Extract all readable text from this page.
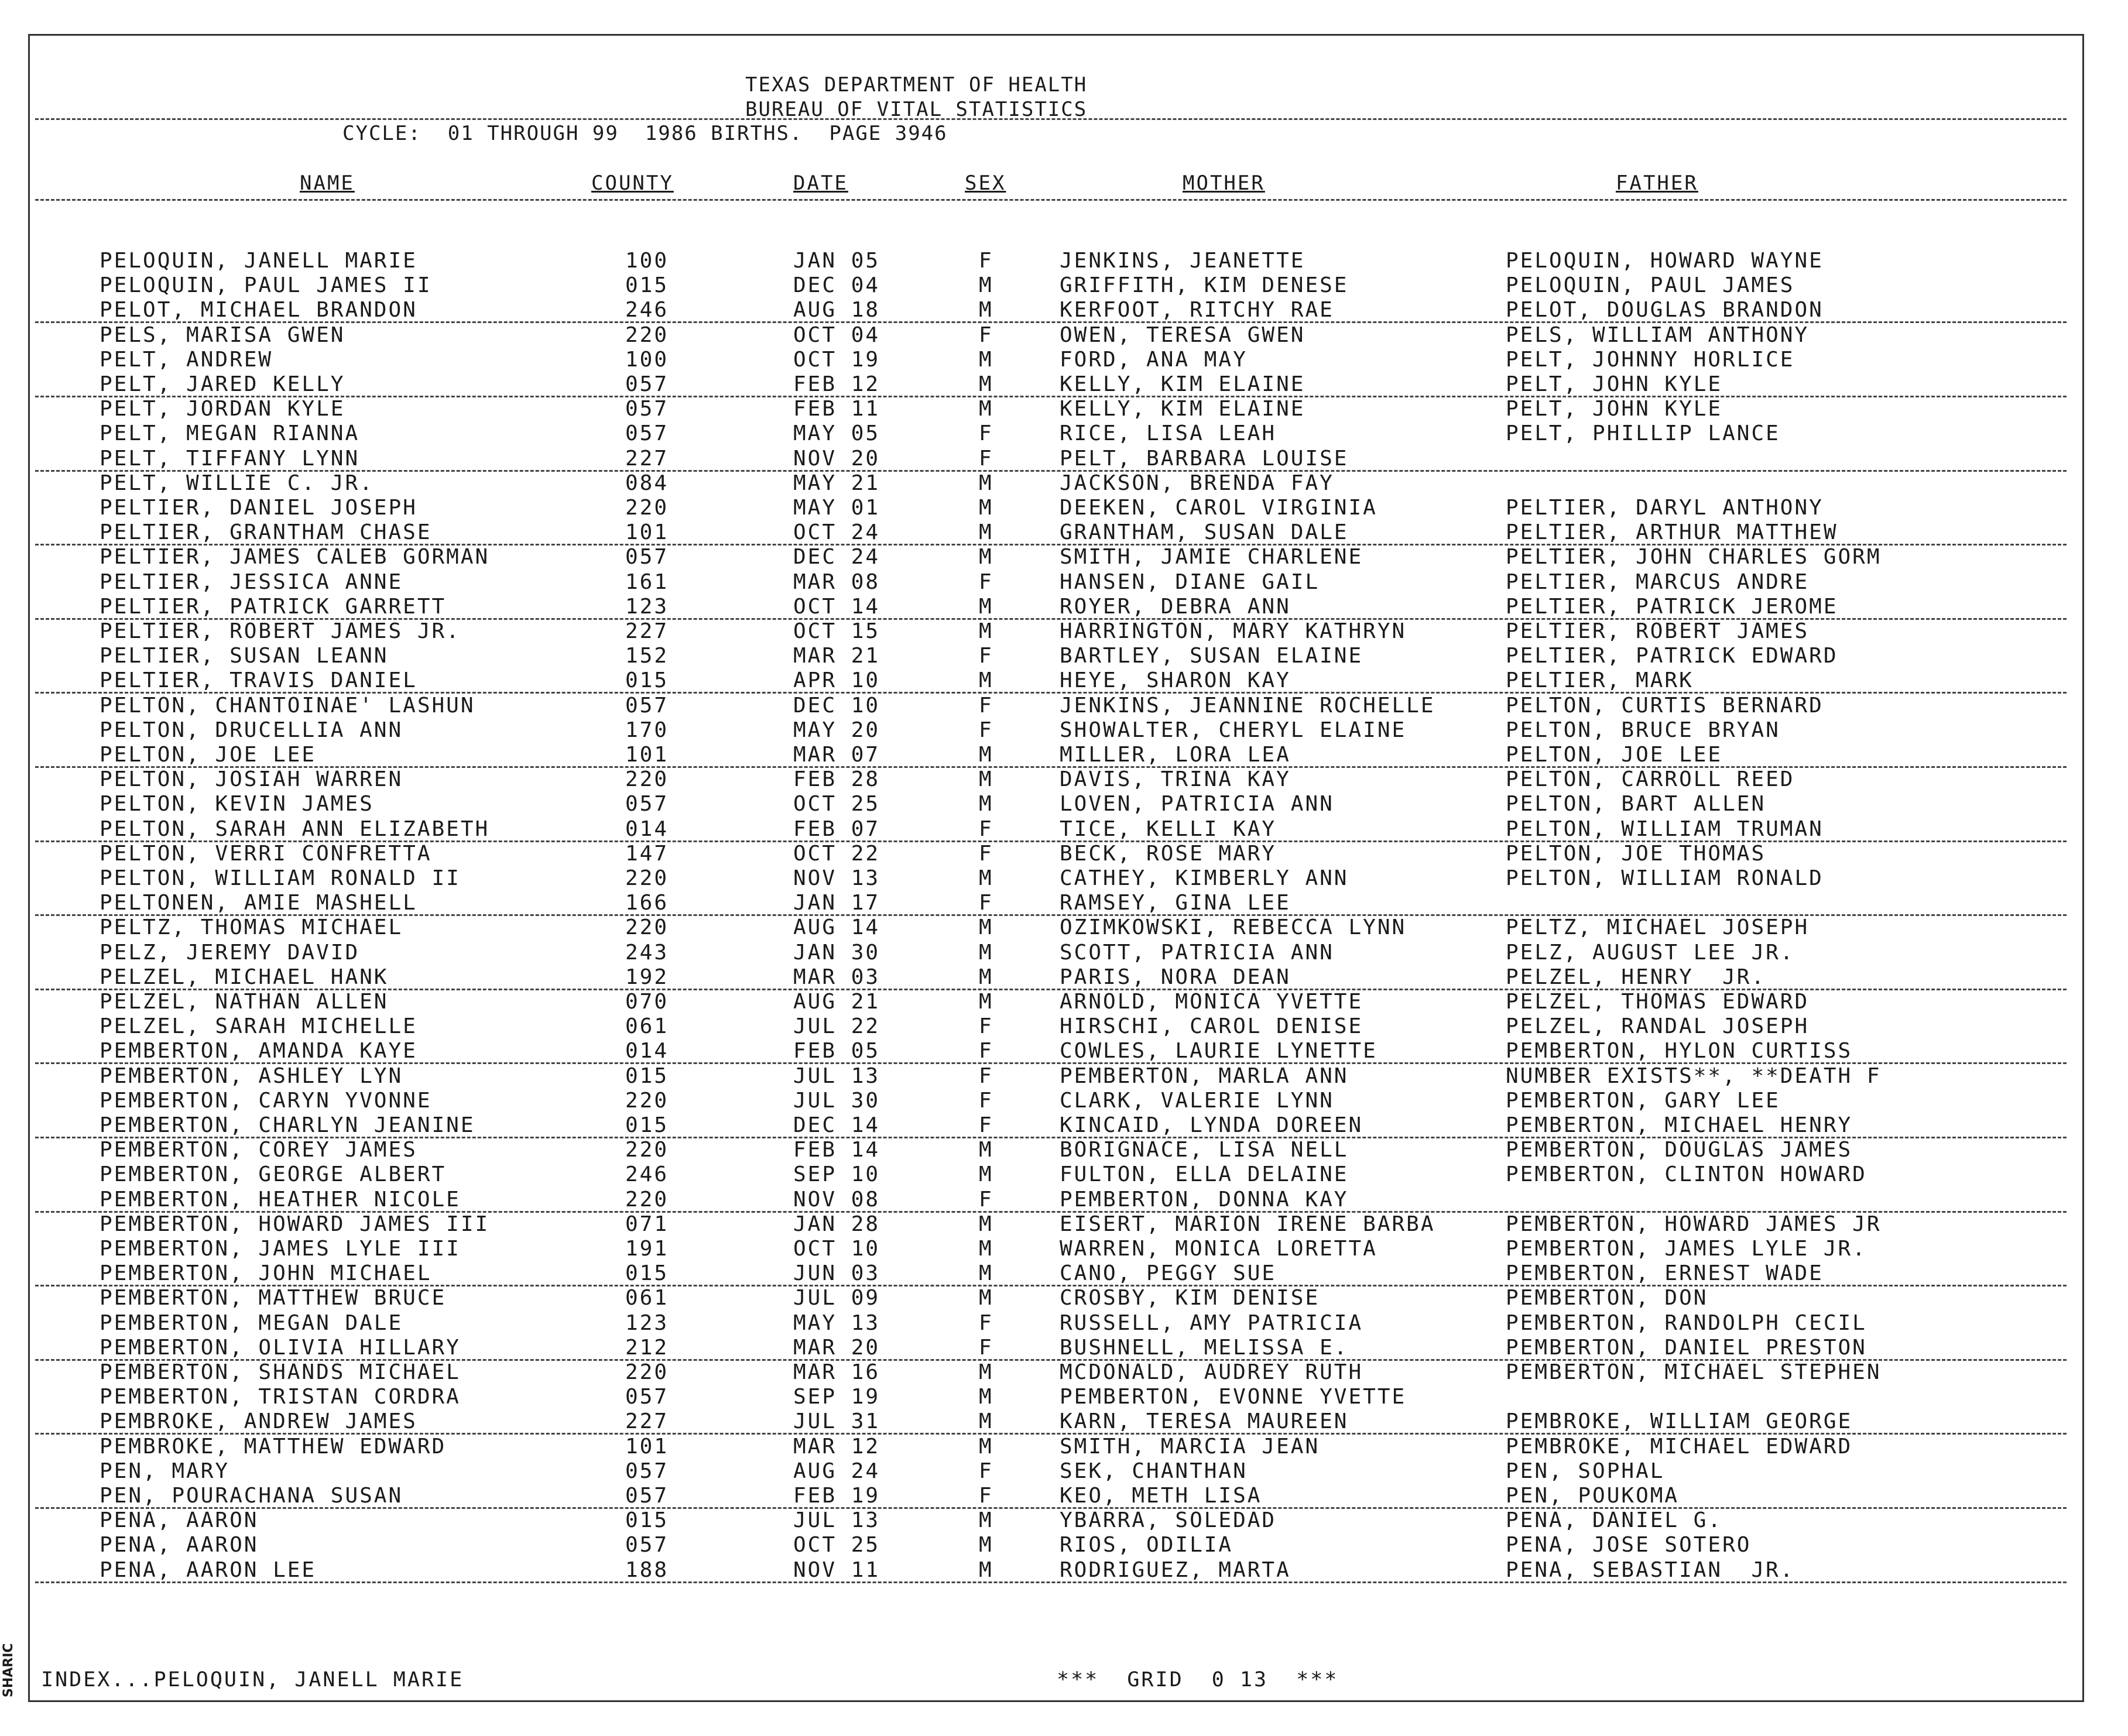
TEXAS DEPARTMENT OF HEALTH
BUREAU OF VITAL STATISTICS
CYCLE:  01 THROUGH 99  1986 BIRTHS.  PAGE 3946
NAME	COUNTY	DATE	SEX	MOTHER	FATHER
PELOQUIN, JANELL MARIE	100	JAN 05	F	JENKINS, JEANETTE	PELOQUIN, HOWARD WAYNE
PELOQUIN, PAUL JAMES II	015	DEC 04	M	GRIFFITH, KIM DENESE	PELOQUIN, PAUL JAMES
PELOT, MICHAEL BRANDON	246	AUG 18	M	KERFOOT, RITCHY RAE	PELOT, DOUGLAS BRANDON
PELS, MARISA GWEN	220	OCT 04	F	OWEN, TERESA GWEN	PELS, WILLIAM ANTHONY
PELT, ANDREW	100	OCT 19	M	FORD, ANA MAY	PELT, JOHNNY HORLICE
PELT, JARED KELLY	057	FEB 12	M	KELLY, KIM ELAINE	PELT, JOHN KYLE
PELT, JORDAN KYLE	057	FEB 11	M	KELLY, KIM ELAINE	PELT, JOHN KYLE
PELT, MEGAN RIANNA	057	MAY 05	F	RICE, LISA LEAH	PELT, PHILLIP LANCE
PELT, TIFFANY LYNN	227	NOV 20	F	PELT, BARBARA LOUISE
PELT, WILLIE C. JR.	084	MAY 21	M	JACKSON, BRENDA FAY
PELTIER, DANIEL JOSEPH	220	MAY 01	M	DEEKEN, CAROL VIRGINIA	PELTIER, DARYL ANTHONY
PELTIER, GRANTHAM CHASE	101	OCT 24	M	GRANTHAM, SUSAN DALE	PELTIER, ARTHUR MATTHEW
PELTIER, JAMES CALEB GORMAN	057	DEC 24	M	SMITH, JAMIE CHARLENE	PELTIER, JOHN CHARLES GORM
PELTIER, JESSICA ANNE	161	MAR 08	F	HANSEN, DIANE GAIL	PELTIER, MARCUS ANDRE
PELTIER, PATRICK GARRETT	123	OCT 14	M	ROYER, DEBRA ANN	PELTIER, PATRICK JEROME
PELTIER, ROBERT JAMES JR.	227	OCT 15	M	HARRINGTON, MARY KATHRYN	PELTIER, ROBERT JAMES
PELTIER, SUSAN LEANN	152	MAR 21	F	BARTLEY, SUSAN ELAINE	PELTIER, PATRICK EDWARD
PELTIER, TRAVIS DANIEL	015	APR 10	M	HEYE, SHARON KAY	PELTIER, MARK
PELTON, CHANTOINAE' LASHUN	057	DEC 10	F	JENKINS, JEANNINE ROCHELLE	PELTON, CURTIS BERNARD
PELTON, DRUCELLIA ANN	170	MAY 20	F	SHOWALTER, CHERYL ELAINE	PELTON, BRUCE BRYAN
PELTON, JOE LEE	101	MAR 07	M	MILLER, LORA LEA	PELTON, JOE LEE
PELTON, JOSIAH WARREN	220	FEB 28	M	DAVIS, TRINA KAY	PELTON, CARROLL REED
PELTON, KEVIN JAMES	057	OCT 25	M	LOVEN, PATRICIA ANN	PELTON, BART ALLEN
PELTON, SARAH ANN ELIZABETH	014	FEB 07	F	TICE, KELLI KAY	PELTON, WILLIAM TRUMAN
PELTON, VERRI CONFRETTA	147	OCT 22	F	BECK, ROSE MARY	PELTON, JOE THOMAS
PELTON, WILLIAM RONALD II	220	NOV 13	M	CATHEY, KIMBERLY ANN	PELTON, WILLIAM RONALD
PELTONEN, AMIE MASHELL	166	JAN 17	F	RAMSEY, GINA LEE
PELTZ, THOMAS MICHAEL	220	AUG 14	M	OZIMKOWSKI, REBECCA LYNN	PELTZ, MICHAEL JOSEPH
PELZ, JEREMY DAVID	243	JAN 30	M	SCOTT, PATRICIA ANN	PELZ, AUGUST LEE JR.
PELZEL, MICHAEL HANK	192	MAR 03	M	PARIS, NORA DEAN	PELZEL, HENRY  JR.
PELZEL, NATHAN ALLEN	070	AUG 21	M	ARNOLD, MONICA YVETTE	PELZEL, THOMAS EDWARD
PELZEL, SARAH MICHELLE	061	JUL 22	F	HIRSCHI, CAROL DENISE	PELZEL, RANDAL JOSEPH
PEMBERTON, AMANDA KAYE	014	FEB 05	F	COWLES, LAURIE LYNETTE	PEMBERTON, HYLON CURTISS
PEMBERTON, ASHLEY LYN	015	JUL 13	F	PEMBERTON, MARLA ANN	NUMBER EXISTS**, **DEATH F
PEMBERTON, CARYN YVONNE	220	JUL 30	F	CLARK, VALERIE LYNN	PEMBERTON, GARY LEE
PEMBERTON, CHARLYN JEANINE	015	DEC 14	F	KINCAID, LYNDA DOREEN	PEMBERTON, MICHAEL HENRY
PEMBERTON, COREY JAMES	220	FEB 14	M	BORIGNACE, LISA NELL	PEMBERTON, DOUGLAS JAMES
PEMBERTON, GEORGE ALBERT	246	SEP 10	M	FULTON, ELLA DELAINE	PEMBERTON, CLINTON HOWARD
PEMBERTON, HEATHER NICOLE	220	NOV 08	F	PEMBERTON, DONNA KAY
PEMBERTON, HOWARD JAMES III	071	JAN 28	M	EISERT, MARION IRENE BARBA	PEMBERTON, HOWARD JAMES JR
PEMBERTON, JAMES LYLE III	191	OCT 10	M	WARREN, MONICA LORETTA	PEMBERTON, JAMES LYLE JR.
PEMBERTON, JOHN MICHAEL	015	JUN 03	M	CANO, PEGGY SUE	PEMBERTON, ERNEST WADE
PEMBERTON, MATTHEW BRUCE	061	JUL 09	M	CROSBY, KIM DENISE	PEMBERTON, DON
PEMBERTON, MEGAN DALE	123	MAY 13	F	RUSSELL, AMY PATRICIA	PEMBERTON, RANDOLPH CECIL
PEMBERTON, OLIVIA HILLARY	212	MAR 20	F	BUSHNELL, MELISSA E.	PEMBERTON, DANIEL PRESTON
PEMBERTON, SHANDS MICHAEL	220	MAR 16	M	MCDONALD, AUDREY RUTH	PEMBERTON, MICHAEL STEPHEN
PEMBERTON, TRISTAN CORDRA	057	SEP 19	M	PEMBERTON, EVONNE YVETTE
PEMBROKE, ANDREW JAMES	227	JUL 31	M	KARN, TERESA MAUREEN	PEMBROKE, WILLIAM GEORGE
PEMBROKE, MATTHEW EDWARD	101	MAR 12	M	SMITH, MARCIA JEAN	PEMBROKE, MICHAEL EDWARD
PEN, MARY	057	AUG 24	F	SEK, CHANTHAN	PEN, SOPHAL
PEN, POURACHANA SUSAN	057	FEB 19	F	KEO, METH LISA	PEN, POUKOMA
PENA, AARON	015	JUL 13	M	YBARRA, SOLEDAD	PENA, DANIEL G.
PENA, AARON	057	OCT 25	M	RIOS, ODILIA	PENA, JOSE SOTERO
PENA, AARON LEE	188	NOV 11	M	RODRIGUEZ, MARTA	PENA, SEBASTIAN  JR.
INDEX...PELOQUIN, JANELL MARIE	***  GRID  0 13  ***
SHARIC
